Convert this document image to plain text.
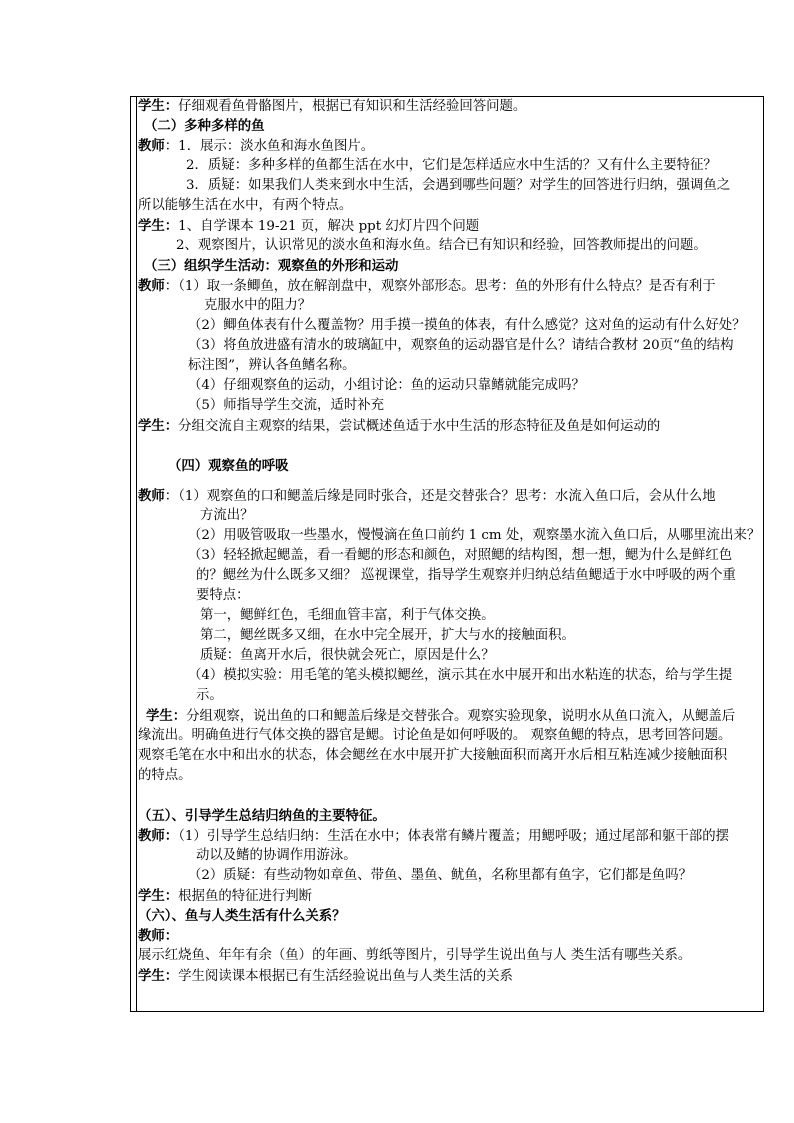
学生：仔细观看鱼骨骼图片，根据已有知识和生活经验回答问题。
（二）多种多样的鱼
教师：1．展示：淡水鱼和海水鱼图片。
2．质疑：多种多样的鱼都生活在水中，它们是怎样适应水中生活的？又有什么主要特征？
3．质疑：如果我们人类来到水中生活，会遇到哪些问题？对学生的回答进行归纳，强调鱼之
所以能够生活在水中，有两个特点。
学生：1、自学课本 19-21 页，解决 ppt 幻灯片四个问题
2、观察图片，认识常见的淡水鱼和海水鱼。结合已有知识和经验，回答教师提出的问题。
（三）组织学生活动：观察鱼的外形和运动
教师：（1）取一条鲫鱼，放在解剖盘中，观察外部形态。思考：鱼的外形有什么特点？是否有利于
克服水中的阻力？
（2）鲫鱼体表有什么覆盖物？用手摸一摸鱼的体表，有什么感觉？这对鱼的运动有什么好处？
（3）将鱼放进盛有清水的玻璃缸中，观察鱼的运动器官是什么？请结合教材 20页“鱼的结构
标注图”，辨认各鱼鳍名称。
（4）仔细观察鱼的运动，小组讨论：鱼的运动只靠鳍就能完成吗？
（5）师指导学生交流，适时补充
学生：分组交流自主观察的结果，尝试概述鱼适于水中生活的形态特征及鱼是如何运动的
（四）观察鱼的呼吸
教师：（1）观察鱼的口和鳃盖后缘是同时张合，还是交替张合？思考：水流入鱼口后，会从什么地
方流出？
（2）用吸管吸取一些墨水，慢慢滴在鱼口前约 1 cm 处，观察墨水流入鱼口后，从哪里流出来？
（3）轻轻掀起鳃盖，看一看鳃的形态和颜色，对照鳃的结构图，想一想，鳃为什么是鲜红色
的？鳃丝为什么既多又细？ 巡视课堂，指导学生观察并归纳总结鱼鳃适于水中呼吸的两个重
要特点：
第一，鳃鲜红色，毛细血管丰富，利于气体交换。
第二，鳃丝既多又细，在水中完全展开，扩大与水的接触面积。
质疑：鱼离开水后，很快就会死亡，原因是什么？
（4）模拟实验：用毛笔的笔头模拟鳃丝，演示其在水中展开和出水粘连的状态，给与学生提
示。
学生：分组观察，说出鱼的口和鳃盖后缘是交替张合。观察实验现象，说明水从鱼口流入，从鳃盖后
缘流出。明确鱼进行气体交换的器官是鳃。讨论鱼是如何呼吸的。 观察鱼鳃的特点，思考回答问题。
观察毛笔在水中和出水的状态，体会鳃丝在水中展开扩大接触面积而离开水后相互粘连减少接触面积
的特点。
（五）、引导学生总结归纳鱼的主要特征。
教师：（1）引导学生总结归纳：生活在水中；体表常有鳞片覆盖；用鳃呼吸；通过尾部和躯干部的摆
动以及鳍的协调作用游泳。
（2）质疑：有些动物如章鱼、带鱼、墨鱼、鱿鱼，名称里都有鱼字，它们都是鱼吗？
学生：根据鱼的特征进行判断
（六）、鱼与人类生活有什么关系？
教师：
展示红烧鱼、年年有余（鱼）的年画、剪纸等图片，引导学生说出鱼与人 类生活有哪些关系。
学生：学生阅读课本根据已有生活经验说出鱼与人类生活的关系
